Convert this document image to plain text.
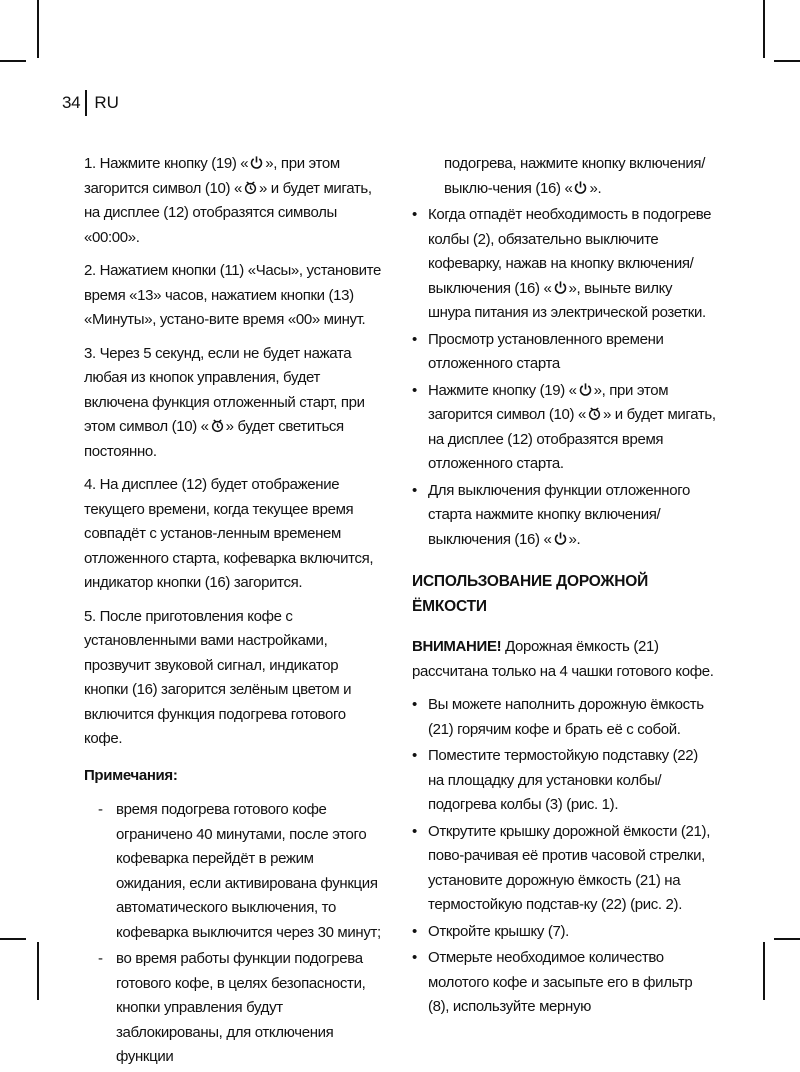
34 RU

1. Нажмите кнопку (19) « », при этом загорится символ (10) « » и будет мигать, на дисплее (12) отобразятся символы «00:00».

2. Нажатием кнопки (11) «Часы», установите время «13» часов, нажатием кнопки (13) «Минуты», устано-вите время «00» минут.

3. Через 5 секунд, если не будет нажата любая из кнопок управления, будет включена функция отложенный старт, при этом символ (10) « » будет светиться постоянно.

4. На дисплее (12) будет отображение текущего времени, когда текущее время совпадёт с установ-ленным временем отложенного старта, кофеварка включится, индикатор кнопки (16) загорится.

5. После приготовления кофе с установленными вами настройками, прозвучит звуковой сигнал, индикатор кнопки (16) загорится зелёным цветом и включится функция подогрева готового кофе.

Примечания:

- время подогрева готового кофе ограничено 40 минутами, после этого кофеварка перейдёт в режим ожидания, если активирована функция автоматического выключения, то кофеварка выключится через 30 минут;
- во время работы функции подогрева готового кофе, в целях безопасности, кнопки управления будут заблокированы, для отключения функции
подогрева, нажмите кнопку включения/выклю-чения (16) « ».
• Когда отпадёт необходимость в подогреве колбы (2), обязательно выключите кофеварку, нажав на кнопку включения/выключения (16) « », выньте вилку шнура питания из электрической розетки.
• Просмотр установленного времени отложенного старта
• Нажмите кнопку (19) « », при этом загорится символ (10) « » и будет мигать, на дисплее (12) отобразятся время отложенного старта.
• Для выключения функции отложенного старта нажмите кнопку включения/выключения (16) « ».
ИСПОЛЬЗОВАНИЕ ДОРОЖНОЙ ЁМКОСТИ

ВНИМАНИЕ! Дорожная ёмкость (21) рассчитана только на 4 чашки готового кофе.

• Вы можете наполнить дорожную ёмкость (21) горячим кофе и брать её с собой.
• Поместите термостойкую подставку (22) на площадку для установки колбы/подогрева колбы (3) (рис. 1).
• Открутите крышку дорожной ёмкости (21), пово-рачивая её против часовой стрелки, установите дорожную ёмкость (21) на термостойкую подстав-ку (22) (рис. 2).
• Откройте крышку (7).
• Отмерьте необходимое количество молотого кофе и засыпьте его в фильтр (8), используйте мерную
